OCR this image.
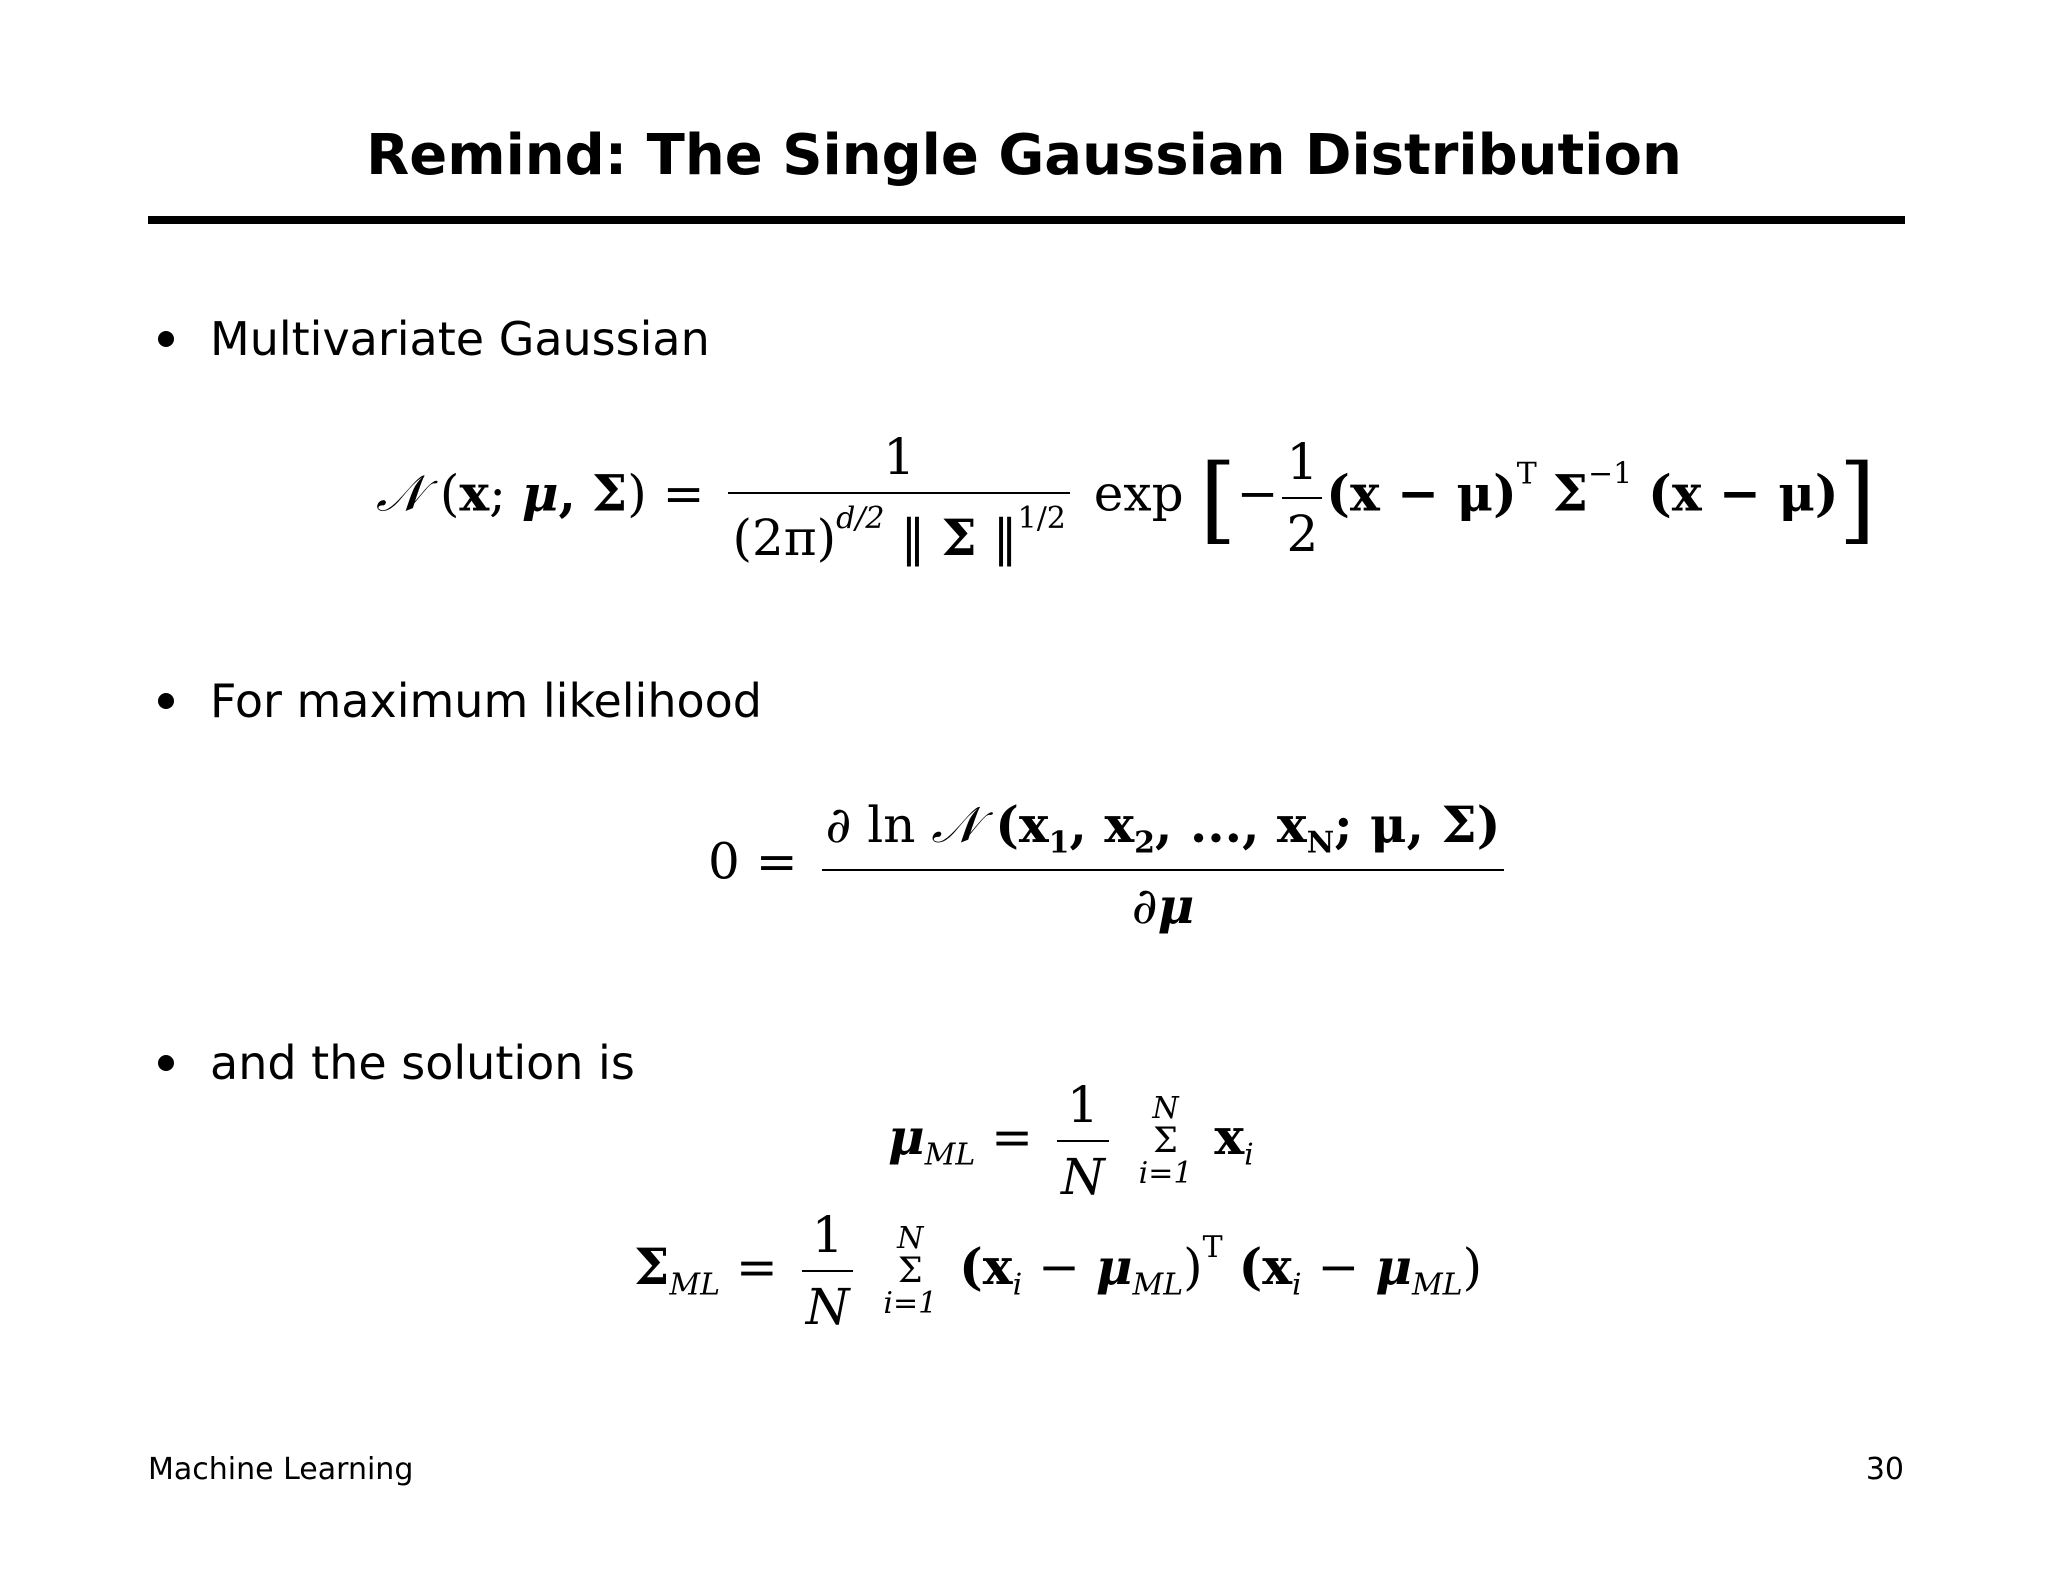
Remind: The Single Gaussian Distribution
Multivariate Gaussian
𝒩 (x; μ, $\Sigma) = \frac{1}{(2\pi)^{d/2} ‖ \Sigma ‖^{1/2}}$ exp [− $\frac{1}{2} (x - \mu)^T$ $\Sigma^{-1}$ (x − μ)]
For maximum likelihood
$0 = \frac{\partial \ln 𝒩 (x_1, x_2, ..., x_N; \mu, \Sigma)}{\partial\mu}$
and the solution is
$\mu_{ML} = \frac{1}{N}$
	N
Σ
i=1
$x_i$
$\Sigma_{ML} = \frac{1}{N}$
	N
Σ
i=1
$(x_i - \mu_{ML})^T$ $(x_i - \mu_{ML})$
Machine Learning	30
